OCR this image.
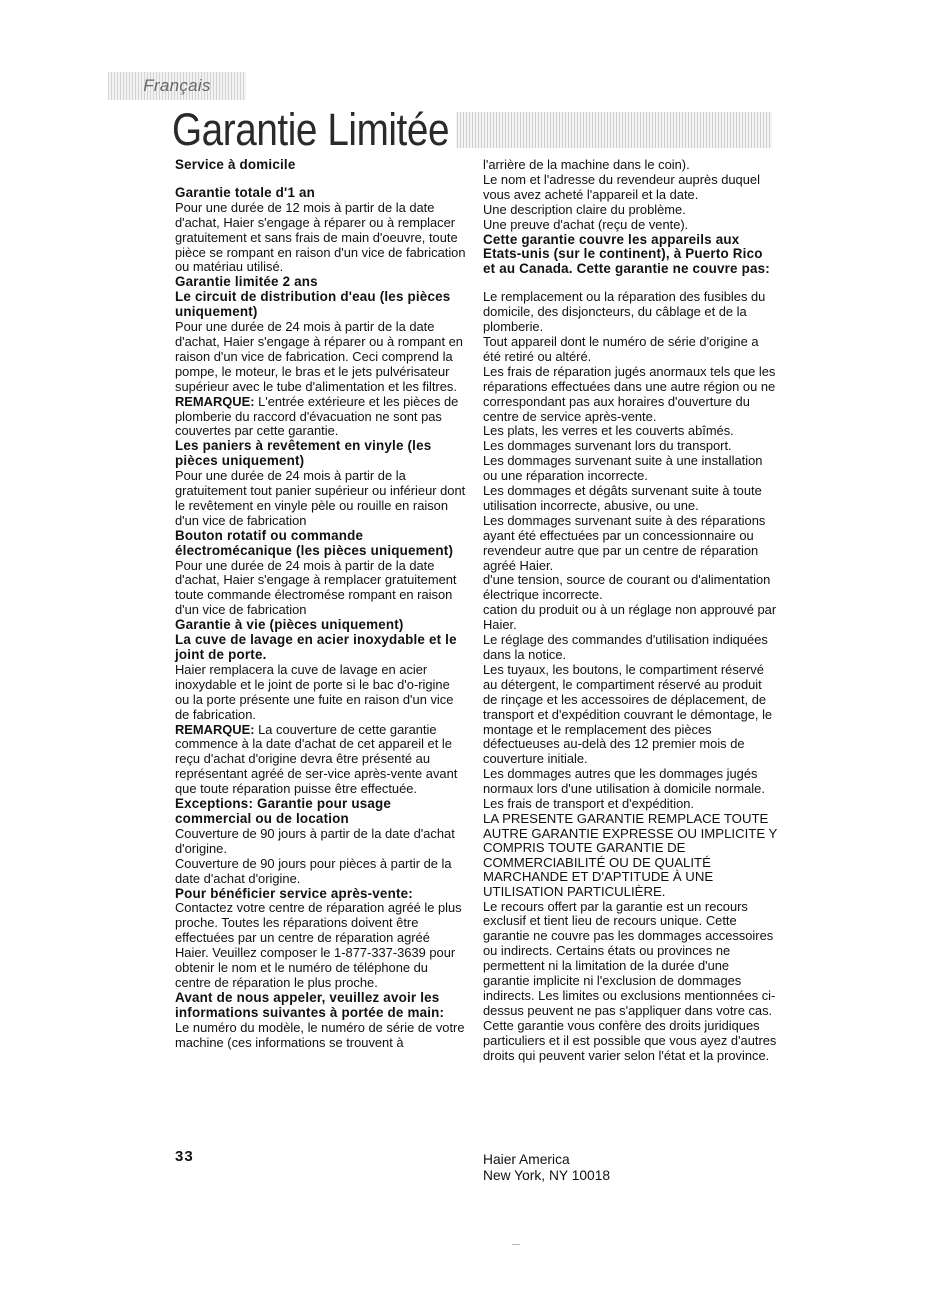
Français
Garantie Limitée

Service à domicile

Garantie totale d'1 an

Pour une durée de 12 mois à partir de la date d'achat, Haier s'engage à réparer ou à remplacer gratuitement et sans frais de main d'oeuvre, toute pièce se rompant en raison d'un vice de fabrication ou matériau utilisé.

Garantie limitée 2 ans

Le circuit de distribution d'eau (les pièces uniquement)

Pour une durée de 24 mois à partir de la date d'achat, Haier s'engage à réparer ou à rompant en raison d'un vice de fabrication. Ceci comprend la pompe, le moteur, le bras et le jets pulvérisateur supérieur avec le tube d'alimentation et les filtres.

REMARQUE: L'entrée extérieure et les pièces de plomberie du raccord d'évacuation ne sont pas couvertes par cette garantie.

Les paniers à revêtement en vinyle (les pièces uniquement)

Pour une durée de 24 mois à partir de la gratuitement tout panier supérieur ou inférieur dont le revêtement en vinyle pèle ou rouille en raison d'un vice de fabrication

Bouton rotatif ou commande électromécanique (les pièces uniquement)

Pour une durée de 24 mois à partir de la date d'achat, Haier s'engage à remplacer gratuitement toute commande électromése rompant en raison d'un vice de fabrication

Garantie à vie (pièces uniquement)

La cuve de lavage en acier inoxydable et le joint de porte.

Haier remplacera la cuve de lavage en acier inoxydable et le joint de porte si le bac d'o-rigine ou la porte présente une fuite en raison d'un vice de fabrication.

REMARQUE: La couverture de cette garantie commence à la date d'achat de cet appareil et le reçu d'achat d'origine devra être présenté au représentant agréé de ser-vice après-vente avant que toute réparation puisse être effectuée.

Exceptions: Garantie pour usage commercial ou de location

Couverture de 90 jours à partir de la date d'achat d'origine.

Couverture de 90 jours pour pièces à partir de la date d'achat d'origine.

Pour bénéficier service après-vente:

Contactez votre centre de réparation agréé le plus proche. Toutes les réparations doivent être effectuées par un centre de réparation agréé Haier. Veuillez composer le 1-877-337-3639 pour obtenir le nom et le numéro de téléphone du centre de réparation le plus proche.

Avant de nous appeler, veuillez avoir les informations suivantes à portée de main:

Le numéro du modèle, le numéro de série de votre machine (ces informations se trouvent à

l'arrière de la machine dans le coin).

Le nom et l'adresse du revendeur auprès duquel vous avez acheté l'appareil et la date.

Une description claire du problème.

Une preuve d'achat (reçu de vente).

Cette garantie couvre les appareils aux Etats-unis (sur le continent), à Puerto Rico et au Canada. Cette garantie ne couvre pas:

Le remplacement ou la réparation des fusibles du domicile, des disjoncteurs, du câblage et de la plomberie.

Tout appareil dont le numéro de série d'origine a été retiré ou altéré.

Les frais de réparation jugés anormaux tels que les réparations effectuées dans une autre région ou ne correspondant pas aux horaires d'ouverture du centre de service après-vente.

Les plats, les verres et les couverts abîmés.

Les dommages survenant lors du transport.

Les dommages survenant suite à une installation ou une réparation incorrecte.

Les dommages et dégâts survenant suite à toute utilisation incorrecte, abusive, ou une.

Les dommages survenant suite à des réparations ayant été effectuées par un concessionnaire ou revendeur autre que par un centre de réparation agréé Haier.

d'une tension, source de courant ou d'alimentation électrique incorrecte.

cation du produit ou à un réglage non approuvé par Haier.

Le réglage des commandes d'utilisation indiquées dans la notice.

Les tuyaux, les boutons, le compartiment réservé au détergent, le compartiment réservé au produit de rinçage et les accessoires de déplacement, de transport et d'expédition couvrant le démontage, le montage et le remplacement des pièces défectueuses au-delà des 12 premier mois de couverture initiale.

Les dommages autres que les dommages jugés normaux lors d'une utilisation à domicile normale.

Les frais de transport et d'expédition.

LA PRESENTE GARANTIE REMPLACE TOUTE AUTRE GARANTIE EXPRESSE OU IMPLICITE Y COMPRIS TOUTE GARANTIE DE COMMERCIABILITÉ OU DE QUALITÉ MARCHANDE ET D'APTITUDE À UNE UTILISATION PARTICULIÈRE.

Le recours offert par la garantie est un recours exclusif et tient lieu de recours unique. Cette garantie ne couvre pas les dommages accessoires ou indirects. Certains états ou provinces ne permettent ni la limitation de la durée d'une garantie implicite ni l'exclusion de dommages indirects. Les limites ou exclusions mentionnées ci-dessus peuvent ne pas s'appliquer dans votre cas. Cette garantie vous confère des droits juridiques particuliers et il est possible que vous ayez d'autres droits qui peuvent varier selon l'état et la province.

33	Haier America

New York, NY 10018
